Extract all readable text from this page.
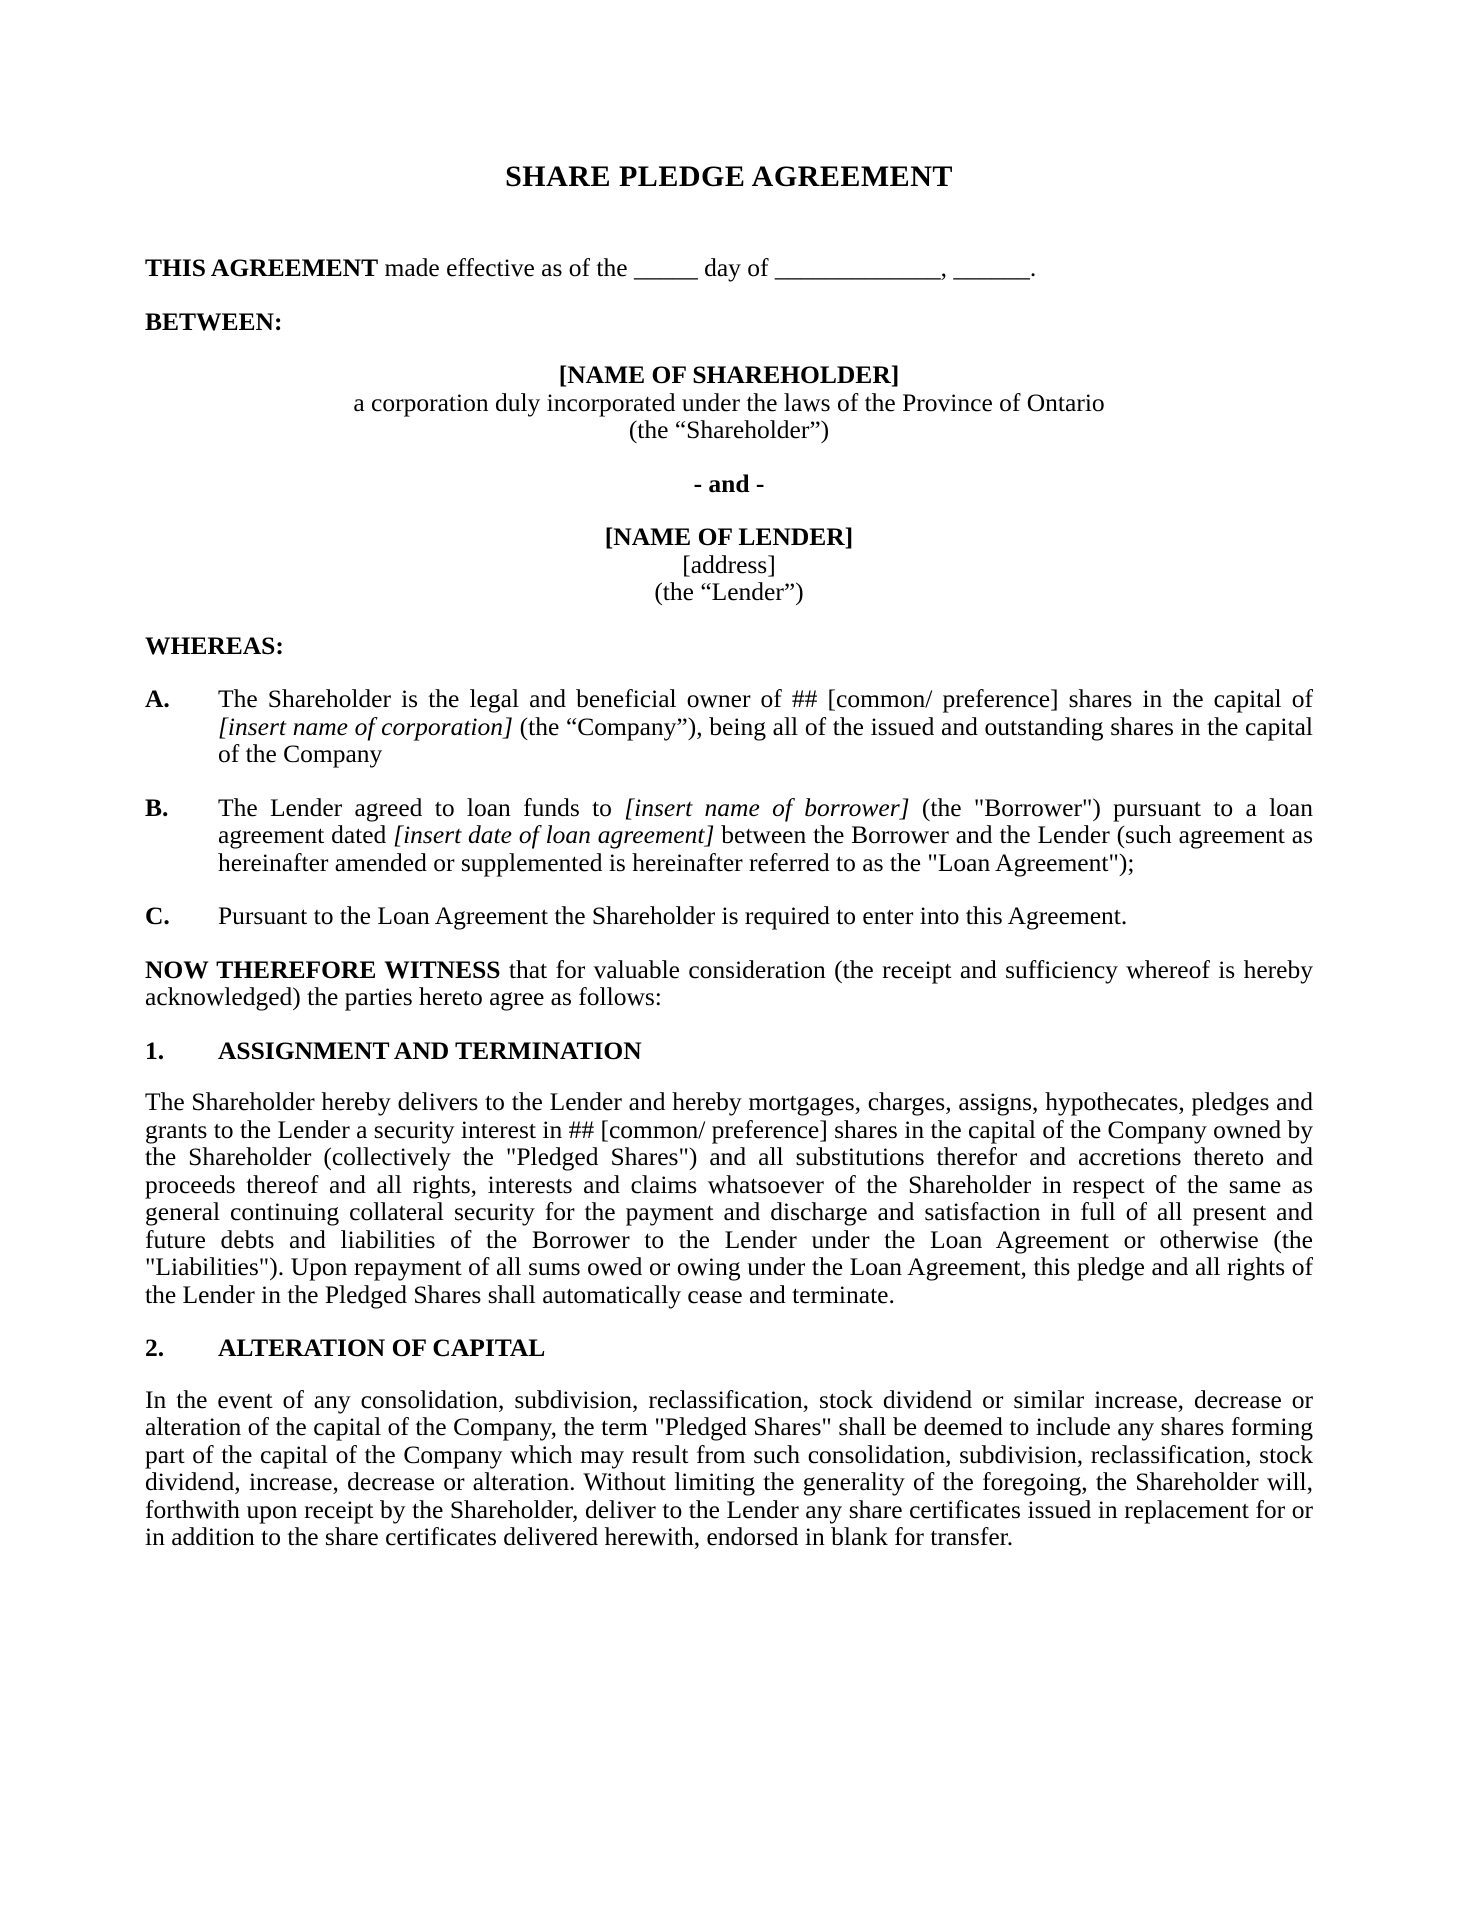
SHARE PLEDGE AGREEMENT

THIS AGREEMENT made effective as of the _____ day of _____________, ______.

BETWEEN:

[NAME OF SHAREHOLDER]
a corporation duly incorporated under the laws of the Province of Ontario
(the “Shareholder”)
- and -
[NAME OF LENDER]
[address]
(the “Lender”)

WHEREAS:

A.	The Shareholder is the legal and beneficial owner of ## [common/ preference] shares in the capital of [insert name of corporation] (the “Company”), being all of the issued and outstanding shares in the capital of the Company
B.	The Lender agreed to loan funds to [insert name of borrower] (the "Borrower") pursuant to a loan agreement dated [insert date of loan agreement] between the Borrower and the Lender (such agreement as hereinafter amended or supplemented is hereinafter referred to as the "Loan Agreement");
C.	Pursuant to the Loan Agreement the Shareholder is required to enter into this Agreement.

NOW THEREFORE WITNESS that for valuable consideration (the receipt and sufficiency whereof is hereby acknowledged) the parties hereto agree as follows:

1.	ASSIGNMENT AND TERMINATION

The Shareholder hereby delivers to the Lender and hereby mortgages, charges, assigns, hypothecates, pledges and grants to the Lender a security interest in ## [common/ preference] shares in the capital of the Company owned by the Shareholder (collectively the "Pledged Shares") and all substitutions therefor and accretions thereto and proceeds thereof and all rights, interests and claims whatsoever of the Shareholder in respect of the same as general continuing collateral security for the payment and discharge and satisfaction in full of all present and future debts and liabilities of the Borrower to the Lender under the Loan Agreement or otherwise (the "Liabilities"). Upon repayment of all sums owed or owing under the Loan Agreement, this pledge and all rights of the Lender in the Pledged Shares shall automatically cease and terminate.

2.	ALTERATION OF CAPITAL

In the event of any consolidation, subdivision, reclassification, stock dividend or similar increase, decrease or alteration of the capital of the Company, the term "Pledged Shares" shall be deemed to include any shares forming part of the capital of the Company which may result from such consolidation, subdivision, reclassification, stock dividend, increase, decrease or alteration. Without limiting the generality of the foregoing, the Shareholder will, forthwith upon receipt by the Shareholder, deliver to the Lender any share certificates issued in replacement for or in addition to the share certificates delivered herewith, endorsed in blank for transfer.
